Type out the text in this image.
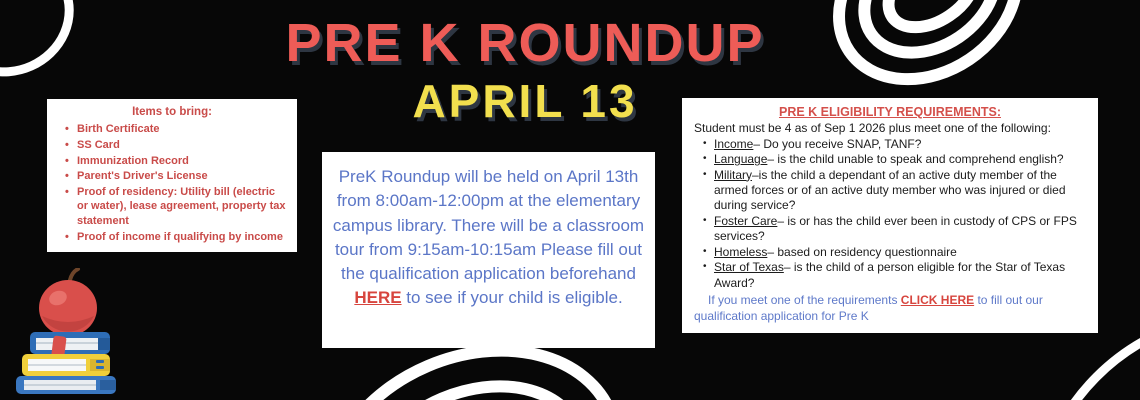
PRE K ROUNDUP
APRIL 13
Items to bring:
• Birth Certificate
• SS Card
• Immunization Record
• Parent's Driver's License
• Proof of residency: Utility bill (electric or water), lease agreement, property tax statement
• Proof of income if qualifying by income
PreK Roundup will be held on April 13th from 8:00am-12:00pm at the elementary campus library. There will be a classroom tour from 9:15am-10:15am Please fill out the qualification application beforehand HERE to see if your child is eligible.
PRE K ELIGIBILITY REQUIREMENTS:
Student must be 4 as of Sep 1 2026 plus meet one of the following:
• Income– Do you receive SNAP, TANF?
• Language– is the child unable to speak and comprehend english?
• Military–is the child a dependant of an active duty member of the armed forces or of an active duty member who was injured or died during service?
• Foster Care– is or has the child ever been in custody of CPS or FPS services?
• Homeless– based on residency questionnaire
• Star of Texas– is the child of a person eligible for the Star of Texas Award?
If you meet one of the requirements CLICK HERE to fill out our qualification application for Pre K
